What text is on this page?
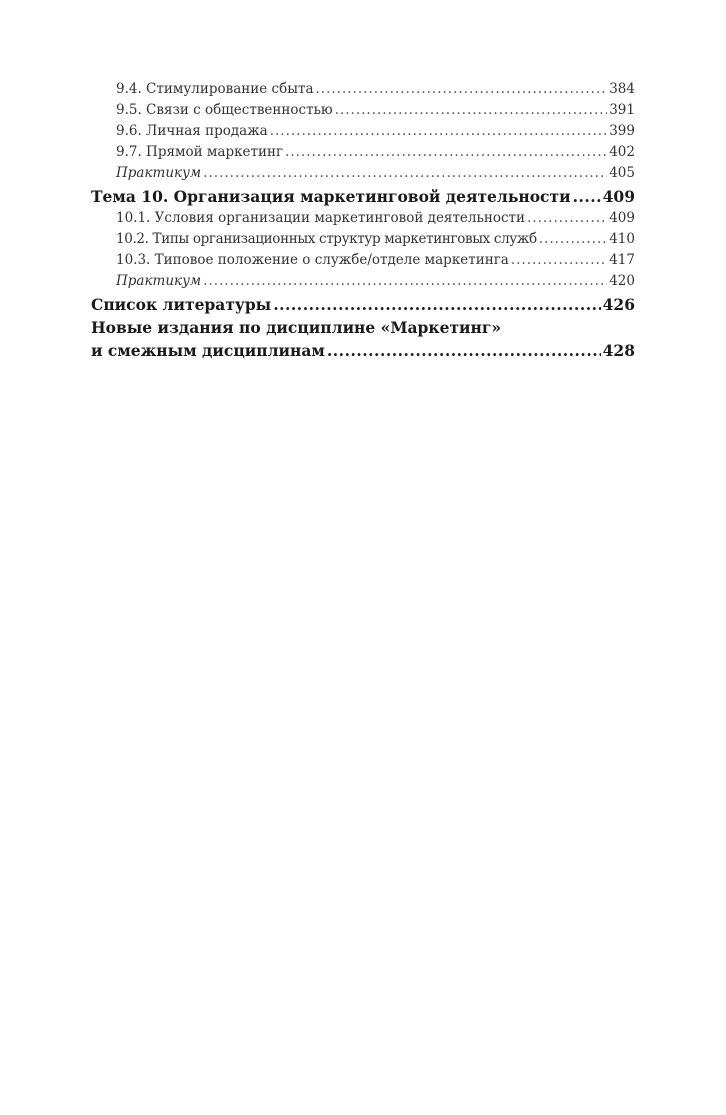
9.4. Стимулирование сбыта .....	384
9.5. Связи с общественностью .....	391
9.6. Личная продажа .....	399
9.7. Прямой маркетинг .....	402
Практикум .....	405
Тема 10. Организация маркетинговой деятельности ..... 409
10.1. Условия организации маркетинговой деятельности .....	409
10.2. Типы организационных структур маркетинговых служб .....	410
10.3. Типовое положение о службе/отделе маркетинга .....	417
Практикум .....	420
Список литературы .....	426
Новые издания по дисциплине «Маркетинг»
и смежным дисциплинам .....	428
